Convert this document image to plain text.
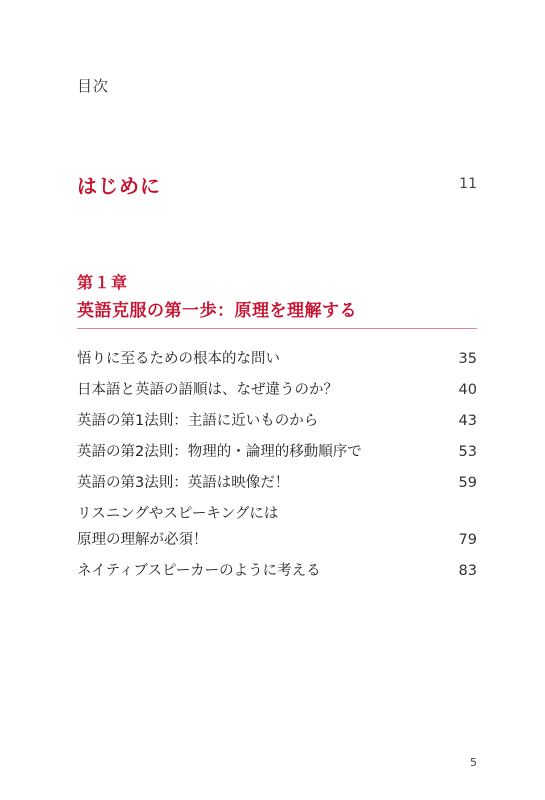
目次
はじめに	11
第１章
英語克服の第一歩：原理を理解する
悟りに至るための根本的な問い	35
日本語と英語の語順は、なぜ違うのか？	40
英語の第1法則：主語に近いものから	43
英語の第2法則：物理的・論理的移動順序で	53
英語の第3法則：英語は映像だ！	59
リスニングやスピーキングには
原理の理解が必須！	79
ネイティブスピーカーのように考える	83
5
